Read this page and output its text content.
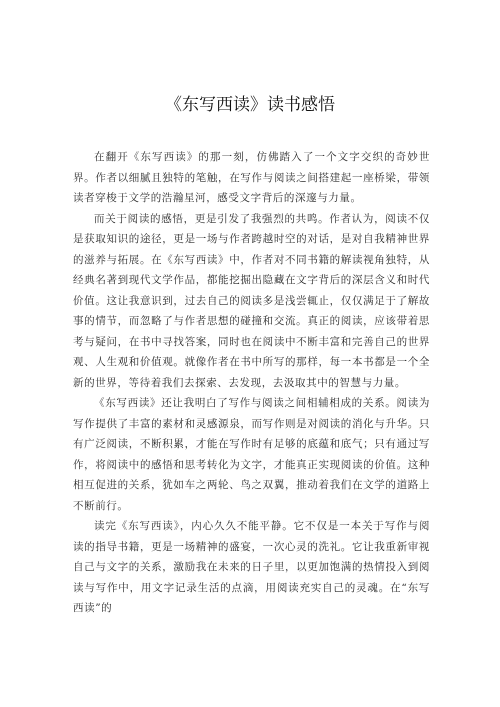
《东写西读》读书感悟

在翻开《东写西读》的那一刻，仿佛踏入了一个文字交织的奇妙世界。作者以细腻且独特的笔触，在写作与阅读之间搭建起一座桥梁，带领读者穿梭于文学的浩瀚星河，感受文字背后的深邃与力量。

而关于阅读的感悟，更是引发了我强烈的共鸣。作者认为，阅读不仅是获取知识的途径，更是一场与作者跨越时空的对话，是对自我精神世界的滋养与拓展。在《东写西读》中，作者对不同书籍的解读视角独特，从经典名著到现代文学作品，都能挖掘出隐藏在文字背后的深层含义和时代价值。这让我意识到，过去自己的阅读多是浅尝辄止，仅仅满足于了解故事的情节，而忽略了与作者思想的碰撞和交流。真正的阅读，应该带着思考与疑问，在书中寻找答案，同时也在阅读中不断丰富和完善自己的世界观、人生观和价值观。就像作者在书中所写的那样，每一本书都是一个全新的世界，等待着我们去探索、去发现，去汲取其中的智慧与力量。

《东写西读》还让我明白了写作与阅读之间相辅相成的关系。阅读为写作提供了丰富的素材和灵感源泉，而写作则是对阅读的消化与升华。只有广泛阅读，不断积累，才能在写作时有足够的底蕴和底气；只有通过写作，将阅读中的感悟和思考转化为文字，才能真正实现阅读的价值。这种相互促进的关系，犹如车之两轮、鸟之双翼，推动着我们在文学的道路上不断前行。

读完《东写西读》，内心久久不能平静。它不仅是一本关于写作与阅读的指导书籍，更是一场精神的盛宴，一次心灵的洗礼。它让我重新审视自己与文字的关系，激励我在未来的日子里，以更加饱满的热情投入到阅读与写作中，用文字记录生活的点滴，用阅读充实自己的灵魂。在“东写西读”的
